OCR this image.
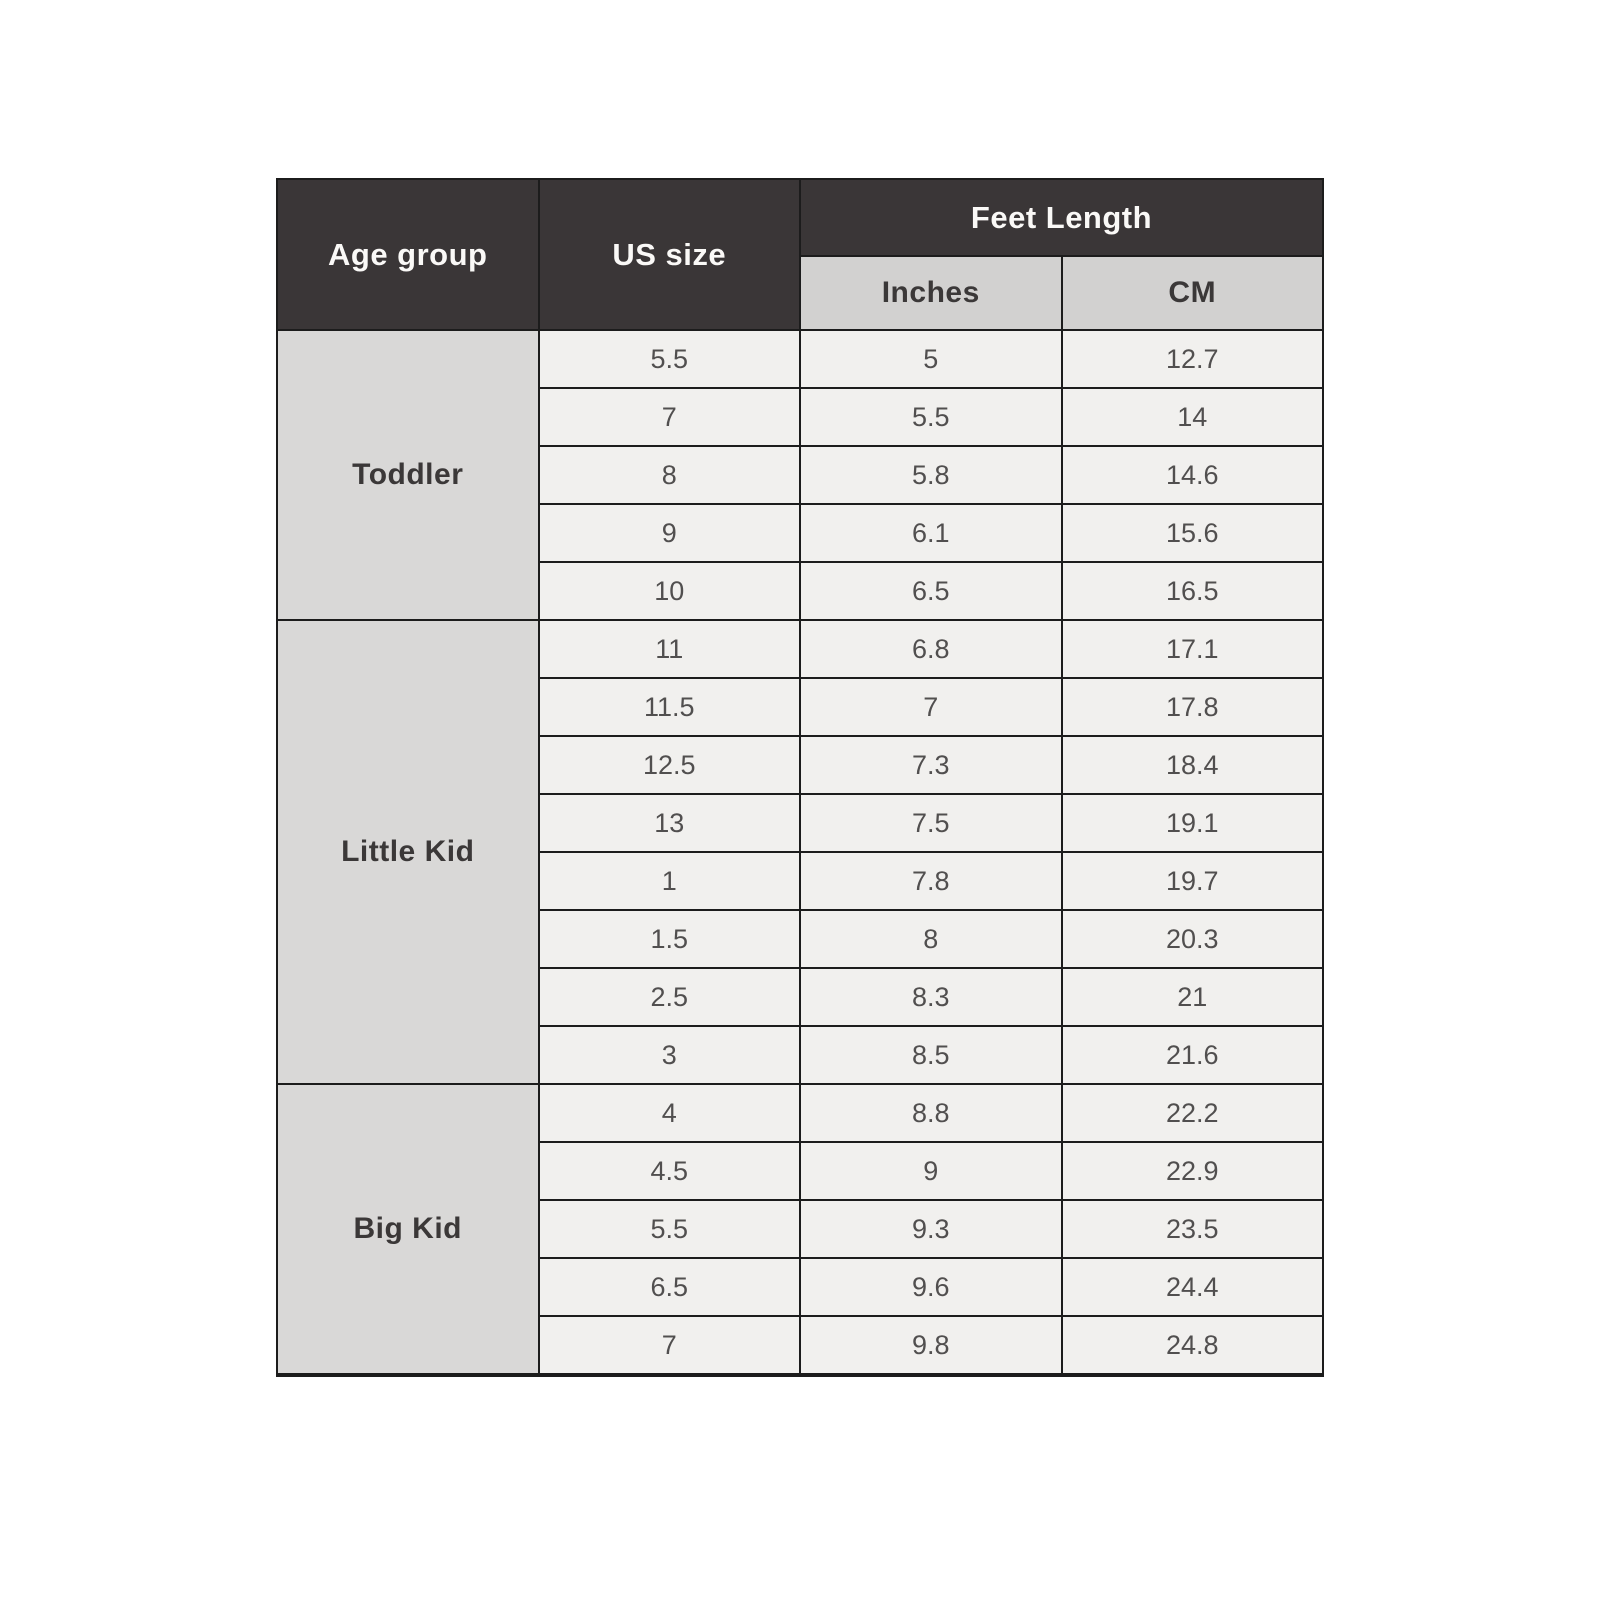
Age group	US size	Feet Length	
		Inches	CM
Toddler	5.5	5	12.7
	7	5.5	14
	8	5.8	14.6
	9	6.1	15.6
	10	6.5	16.5
Little Kid	11	6.8	17.1
	11.5	7	17.8
	12.5	7.3	18.4
	13	7.5	19.1
	1	7.8	19.7
	1.5	8	20.3
	2.5	8.3	21
	3	8.5	21.6
Big Kid	4	8.8	22.2
	4.5	9	22.9
	5.5	9.3	23.5
	6.5	9.6	24.4
	7	9.8	24.8
